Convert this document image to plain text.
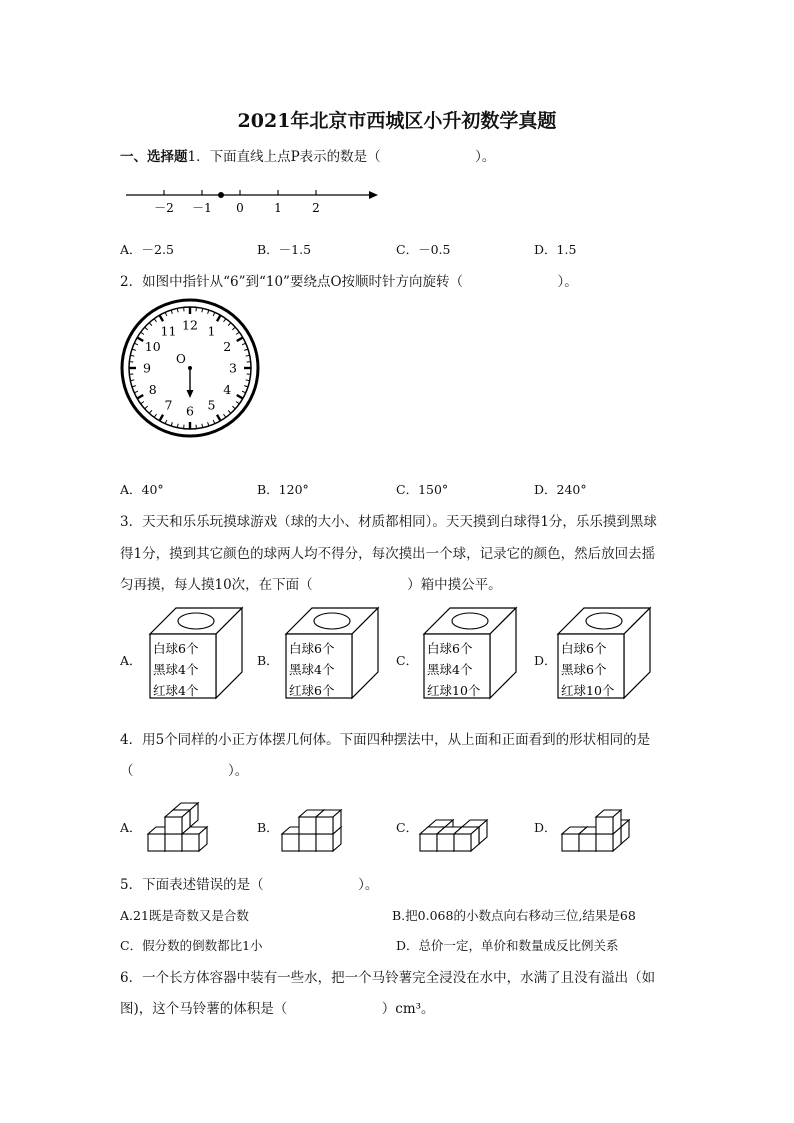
2021年北京市西城区小升初数学真题
一、选择题1．下面直线上点P表示的数是（　　　　　　　）。
－2 －1 0	1	2
A．－2.5	B．－1.5	C．－0.5	D．1.5
2．如图中指针从“6”到“10”要绕点O按顺时针方向旋转（　　　　　　　）。
12 1
2
3
4
5
6
7
8
9
10
11
O
A．40°	B．120°	C．150°	D．240°
3．天天和乐乐玩摸球游戏（球的大小、材质都相同）。天天摸到白球得1分，乐乐摸到黑球
得1分，摸到其它颜色的球两人均不得分，每次摸出一个球，记录它的颜色，然后放回去摇
匀再摸，每人摸10次，在下面（　　　　　　　）箱中摸公平。
A．
白球6个
黑球4个
红球4个
B．
白球6个
黑球4个
红球6个
C．
白球6个
黑球4个
红球10个
D．
白球6个
黑球6个
红球10个
4．用5个同样的小正方体摆几何体。下面四种摆法中，从上面和正面看到的形状相同的是
（　　　　　　　）。
A．	B．	C．	D．
5．下面表述错误的是（　　　　　　　）。
A.21既是奇数又是合数	B.把0.068的小数点向右移动三位,结果是68
C．假分数的倒数都比1小	D．总价一定，单价和数量成反比例关系
6．一个长方体容器中装有一些水，把一个马铃薯完全浸没在水中，水满了且没有溢出（如
图)，这个马铃薯的体积是（　　　　　　　）cm³。
